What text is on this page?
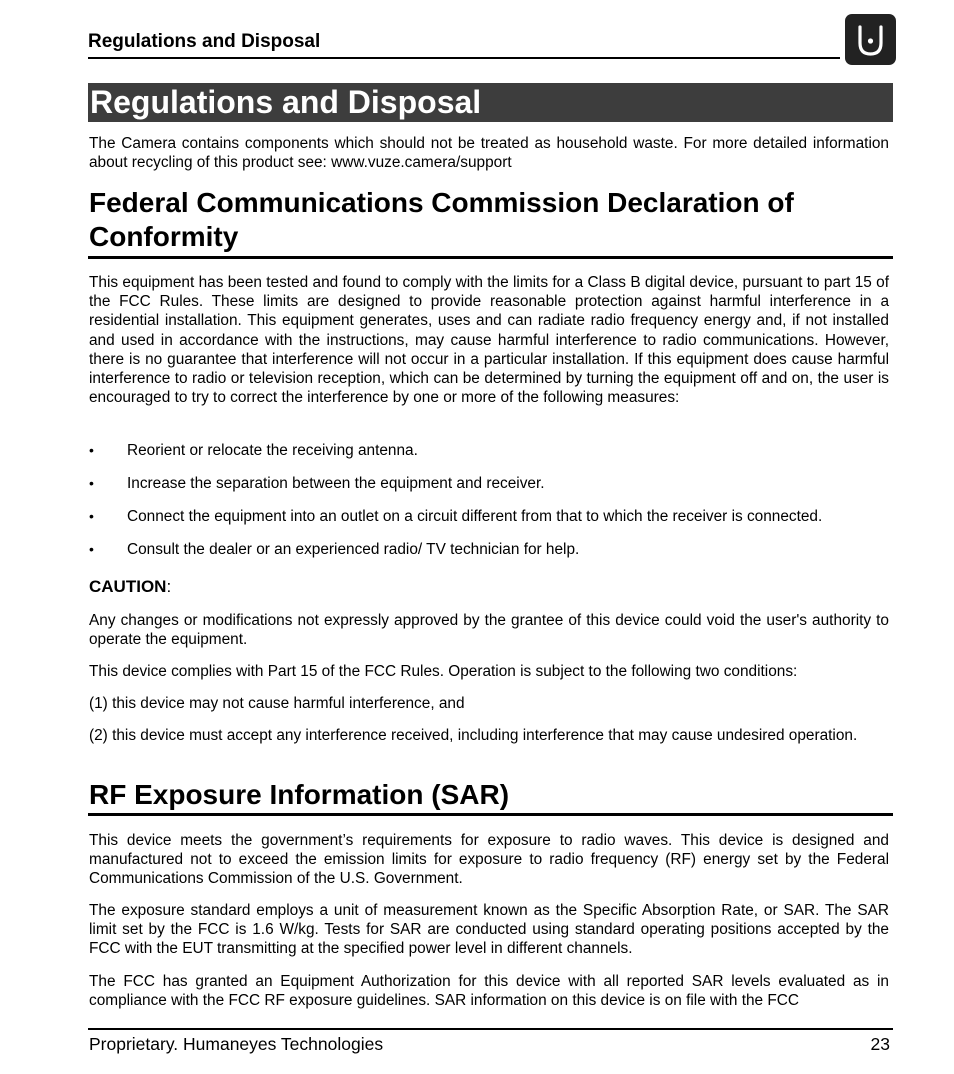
Regulations and Disposal
Regulations and Disposal

The Camera contains components which should not be treated as household waste. For more detailed information about recycling of this product see: www.vuze.camera/support

Federal Communications Commission Declaration of Conformity

This equipment has been tested and found to comply with the limits for a Class B digital device, pursuant to part 15 of the FCC Rules. These limits are designed to provide reasonable protection against harmful interference in a residential installation. This equipment generates, uses and can radiate radio frequency energy and, if not installed and used in accordance with the instructions, may cause harmful interference to radio communications. However, there is no guarantee that interference will not occur in a particular installation. If this equipment does cause harmful interference to radio or television reception, which can be determined by turning the equipment off and on, the user is encouraged to try to correct the interference by one or more of the following measures:

• Reorient or relocate the receiving antenna.
• Increase the separation between the equipment and receiver.
• Connect the equipment into an outlet on a circuit different from that to which the receiver is connected.
• Consult the dealer or an experienced radio/ TV technician for help.
CAUTION:

Any changes or modifications not expressly approved by the grantee of this device could void the user's authority to operate the equipment.

This device complies with Part 15 of the FCC Rules. Operation is subject to the following two conditions:

(1) this device may not cause harmful interference, and

(2) this device must accept any interference received, including interference that may cause undesired operation.

RF Exposure Information (SAR)

This device meets the government’s requirements for exposure to radio waves. This device is designed and manufactured not to exceed the emission limits for exposure to radio frequency (RF) energy set by the Federal Communications Commission of the U.S. Government.

The exposure standard employs a unit of measurement known as the Specific Absorption Rate, or SAR. The SAR limit set by the FCC is 1.6 W/kg. Tests for SAR are conducted using standard operating positions accepted by the FCC with the EUT transmitting at the specified power level in different channels.

The FCC has granted an Equipment Authorization for this device with all reported SAR levels evaluated as in compliance with the FCC RF exposure guidelines. SAR information on this device is on file with the FCC

Proprietary. Humaneyes Technologies	23
